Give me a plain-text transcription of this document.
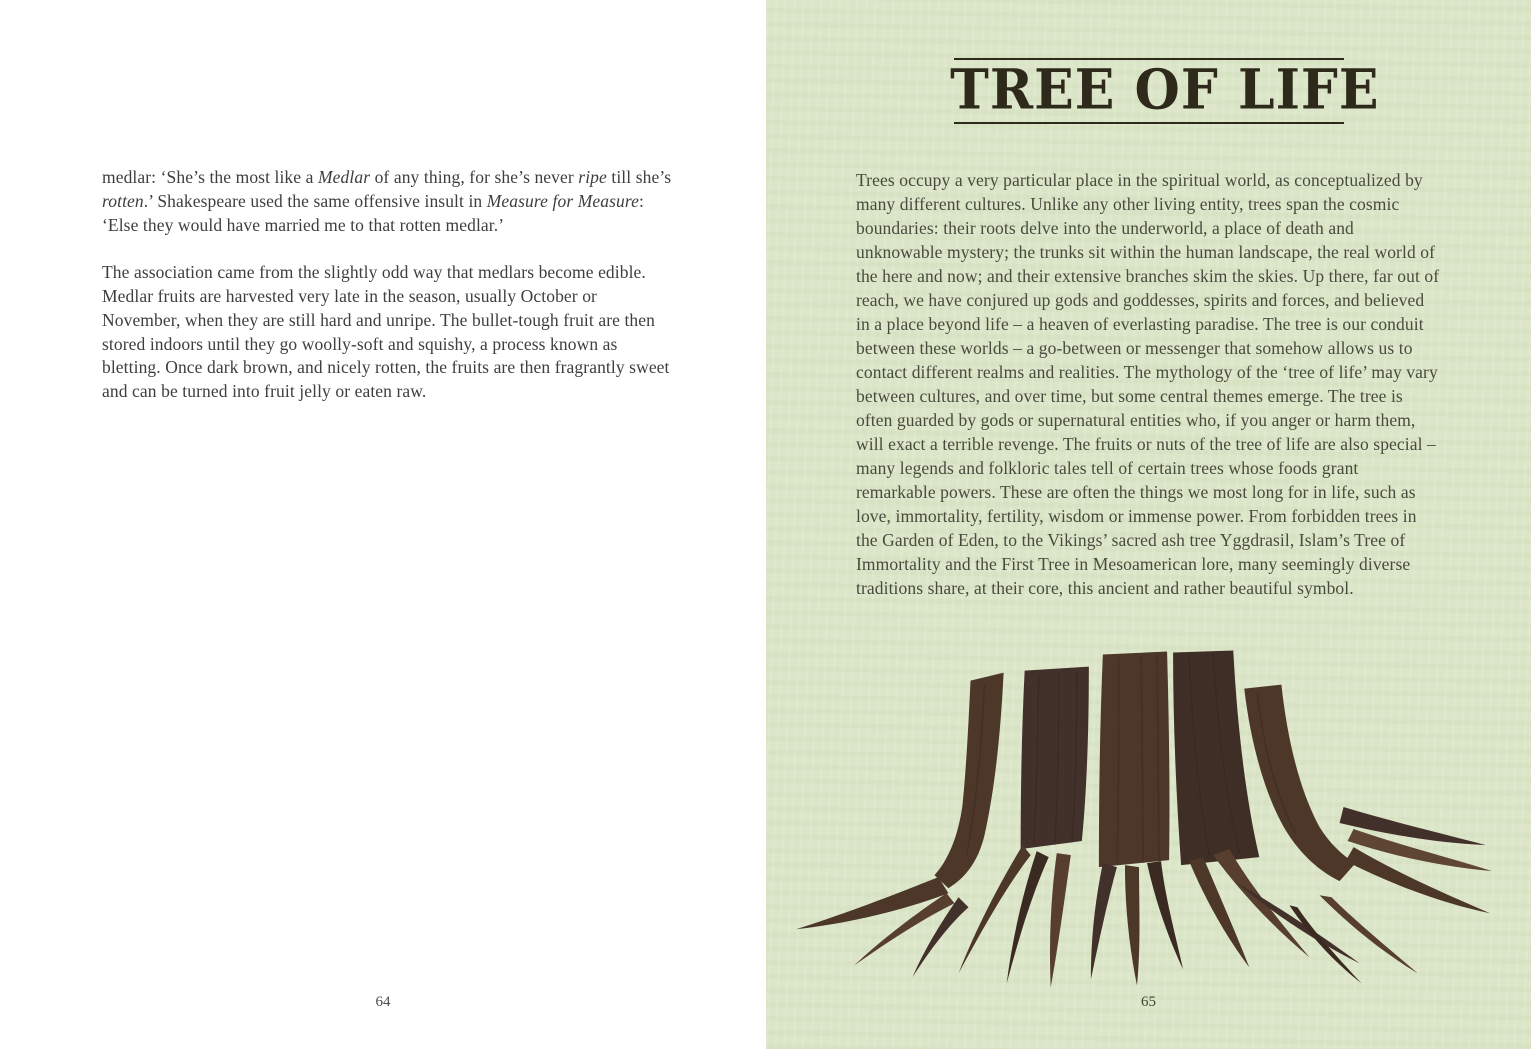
medlar: ‘She’s the most like a Medlar of any thing, for she’s never ripe till she’s rotten.’ Shakespeare used the same offensive insult in Measure for Measure: ‘Else they would have married me to that rotten medlar.’

The association came from the slightly odd way that medlars become edible. Medlar fruits are harvested very late in the season, usually October or November, when they are still hard and unripe. The bullet-tough fruit are then stored indoors until they go woolly-soft and squishy, a process known as bletting. Once dark brown, and nicely rotten, the fruits are then fragrantly sweet and can be turned into fruit jelly or eaten raw.

64
TREE OF LIFE
Trees occupy a very particular place in the spiritual world, as conceptualized by many different cultures. Unlike any other living entity, trees span the cosmic boundaries: their roots delve into the underworld, a place of death and unknowable mystery; the trunks sit within the human landscape, the real world of the here and now; and their extensive branches skim the skies. Up there, far out of reach, we have conjured up gods and goddesses, spirits and forces, and believed in a place beyond life – a heaven of everlasting paradise. The tree is our conduit between these worlds – a go-between or messenger that somehow allows us to contact different realms and realities. The mythology of the ‘tree of life’ may vary between cultures, and over time, but some central themes emerge. The tree is often guarded by gods or supernatural entities who, if you anger or harm them, will exact a terrible revenge. The fruits or nuts of the tree of life are also special – many legends and folkloric tales tell of certain trees whose foods grant remarkable powers. These are often the things we most long for in life, such as love, immortality, fertility, wisdom or immense power. From forbidden trees in the Garden of Eden, to the Vikings’ sacred ash tree Yggdrasil, Islam’s Tree of Immortality and the First Tree in Mesoamerican lore, many seemingly diverse traditions share, at their core, this ancient and rather beautiful symbol.
65
